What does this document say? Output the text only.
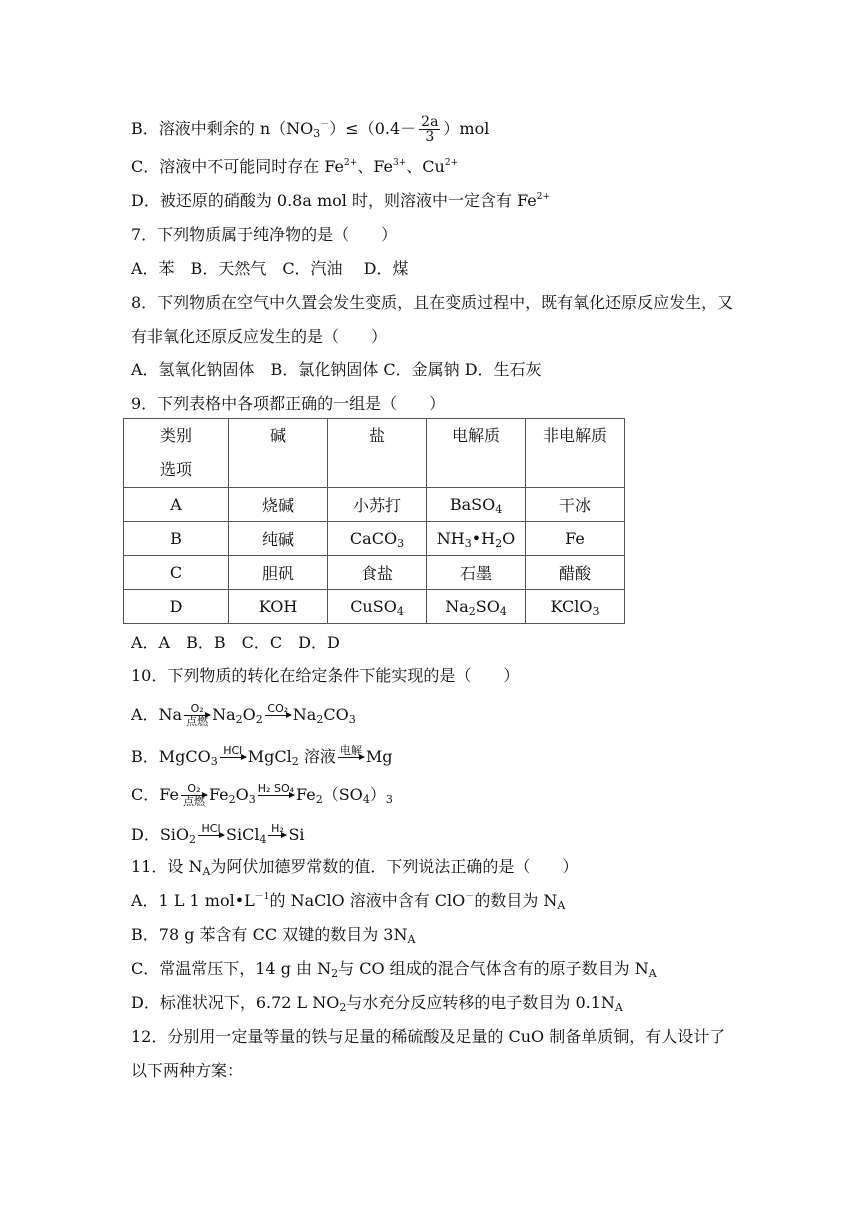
B．溶液中剩余的 $n(NO_3^-)\le(0.4- \frac{2a}{3} )mol$
C．溶液中不可能同时存在 $Fe^{2+}$、$Fe^{3+}$、$Cu^{2+}$
D．被还原的硝酸为 0.8a mol 时，则溶液中一定含有 $Fe^{2+}$
7．下列物质属于纯净物的是（　　）
A．苯　B．天然气　C．汽油　 D．煤
8．下列物质在空气中久置会发生变质，且在变质过程中，既有氧化还原反应发生，又有非氧化还原反应发生的是（　　）
A．氢氧化钠固体　B．氯化钠固体 C．金属钠 D．生石灰
9．下列表格中各项都正确的一组是（　　）
类别
选项	碱	盐	电解质	非电解质

A	烧碱	小苏打	BaSO$_4$	干冰
B	纯碱	CaCO$_3$	$NH_3•H_2O$	Fe
C	胆矾	食盐	石墨	醋酸
D	KOH	CuSO$_4$	$Na_2SO_4$	KClO$_3$
A．A　B．B　C．C　D．D
10．下列物质的转化在给定条件下能实现的是（　　）
A．Na O₂
点燃 $Na_2O_2$
CO₂
$Na_2CO_3$
B．MgCO$_3$
HCl
MgCl$_2$ 溶液 电解
Mg
C．Fe O₂
点燃 $Fe_2O_3$
H₂ SO₄
$Fe_2(SO_4)_3$
D．SiO$_2$
HCl
SiCl$_4$
H₂
Si
11．设 $N_A$为阿伏加德罗常数的值．下列说法正确的是（　　）
A．1 L 1 $mol•L^{-1}$的 NaClO 溶液中含有 ClO－的数目为 $N_A$
B．78 g 苯含有 CC 双键的数目为 $3N_A$
C．常温常压下，14 g 由 $N_2$与 CO 组成的混合气体含有的原子数目为 $N_A$
D．标准状况下，6.72 L $NO_2$与水充分反应转移的电子数目为 $0.1N_A$
12．分别用一定量等量的铁与足量的稀硫酸及足量的 CuO 制备单质铜，有人设计了以下两种方案：
